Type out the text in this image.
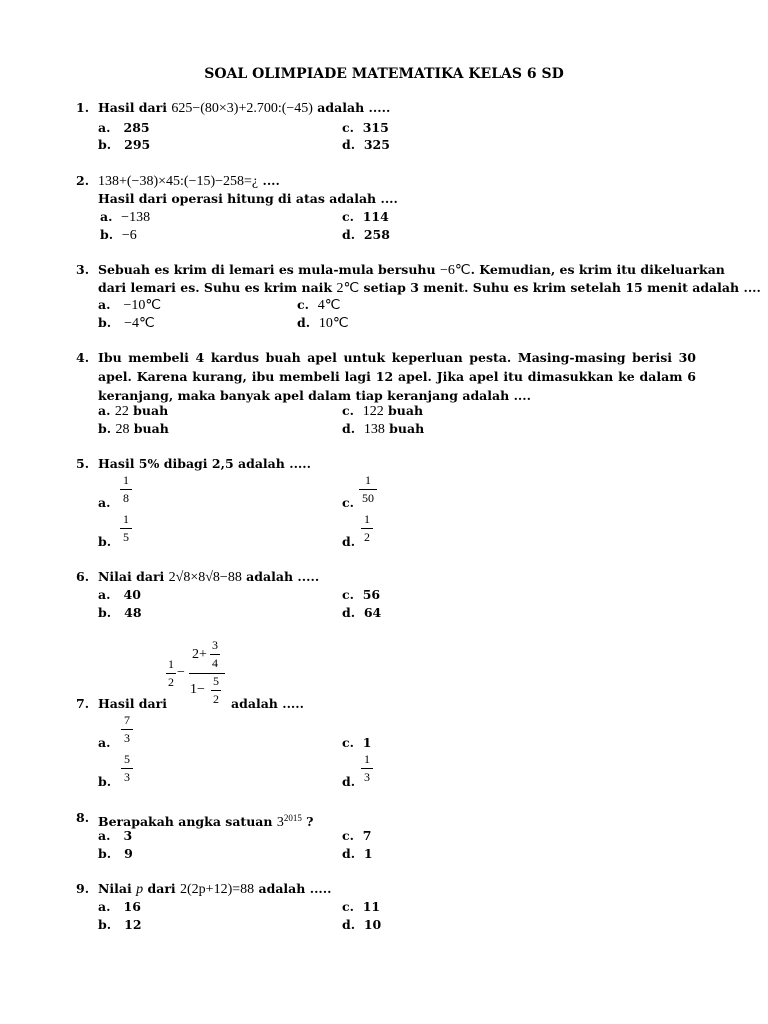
SOAL OLIMPIADE MATEMATIKA KELAS 6 SD
1. Hasil dari 625−(80×3)+2.700:(−45) adalah .....
a. 285
b. 295
c. 315
d. 325
2. 138+(−38)×45:(−15)−258=¿ ....
Hasil dari operasi hitung di atas adalah ....
a. −138
b. −6
c. 114
d. 258
3. Sebuah es krim di lemari es mula-mula bersuhu −6℃. Kemudian, es krim itu dikeluarkan
dari lemari es. Suhu es krim naik 2℃ setiap 3 menit. Suhu es krim setelah 15 menit adalah ....
a. −10℃
b. −4℃
c. 4℃
d. 10℃
4. Ibu membeli 4 kardus buah apel untuk keperluan pesta. Masing-masing berisi 30 apel. Karena kurang, ibu membeli lagi 12 apel. Jika apel itu dimasukkan ke dalam 6 keranjang, maka banyak apel dalam tiap keranjang adalah ....
a. 22 buah
b. 28 buah
c. 122 buah
d. 138 buah
5. Hasil 5% dibagi 2,5 adalah .....
a.
1
8
b.
1
5
c.
1
50
d.
1
2
6. Nilai dari 2√8×8√8−88 adalah .....
a. 40
b. 48
c. 56
d. 64
7. Hasil dari
1
2
−
2+
3
4
1−
5
2 adalah .....
a.
7
3
b.
5
3
c. 1
d.
1
3
8. Berapakah angka satuan $3^{2015}$ ?
a. 3
b. 9
c. 7
d. 1
9. Nilai p dari 2(2p+12)=88 adalah .....
a. 16
b. 12
c. 11
d. 10
